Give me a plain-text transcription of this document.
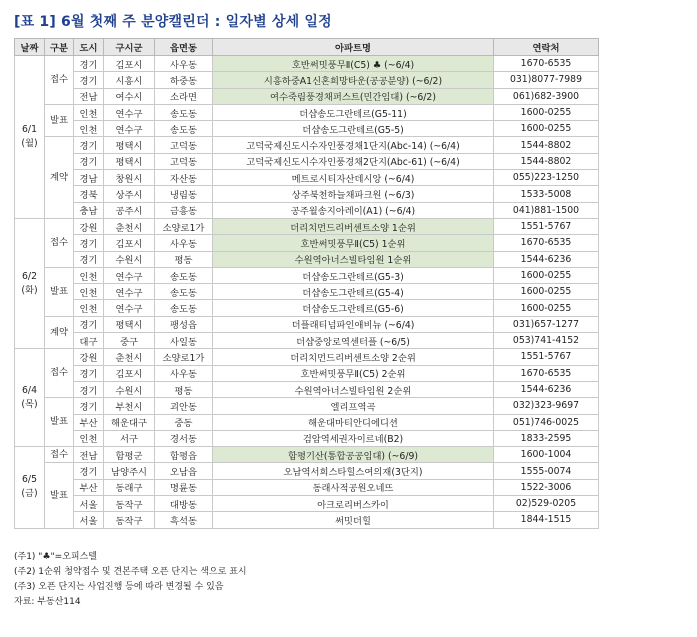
[표 1] 6월 첫째 주 분양캘린더 : 일자별 상세 일정
날짜	구분	도시	구시군	읍면동	아파트명	연락처

6/1
(월)	접수	경기	김포시	사우동	호반써밋풍무Ⅱ(C5) ♣ (~6/4)	1670-6535
		경기	시흥시	하중동	시흥하중A1신혼희망타운(공공분양) (~6/2)	031)8077-7989
		전남	여수시	소라면	여수죽림풍경채퍼스트(민간임대) (~6/2)	061)682-3900
	발표	인천	연수구	송도동	더샵송도그란테르(G5-11)	1600-0255
		인천	연수구	송도동	더샵송도그란테르(G5-5)	1600-0255
	계약	경기	평택시	고덕동	고덕국제신도시수자인풍경채1단지(Abc-14) (~6/4)	1544-8802
		경기	평택시	고덕동	고덕국제신도시수자인풍경채2단지(Abc-61) (~6/4)	1544-8802
		경남	창원시	자산동	메트로시티자산데시앙 (~6/4)	055)223-1250
		경북	상주시	냉림동	상주북천하늘채파크원 (~6/3)	1533-5008
		충남	공주시	금흥동	공주월송지아레이(A1) (~6/4)	041)881-1500

6/2
(화)	접수	강원	춘천시	소양로1가	더리치먼드리버센트소양 1순위	1551-5767
		경기	김포시	사우동	호반써밋풍무Ⅱ(C5) 1순위	1670-6535
		경기	수원시	평동	수원역아너스빌타임원 1순위	1544-6236
	발표	인천	연수구	송도동	더샵송도그란테르(G5-3)	1600-0255
		인천	연수구	송도동	더샵송도그란테르(G5-4)	1600-0255
		인천	연수구	송도동	더샵송도그란테르(G5-6)	1600-0255
	계약	경기	평택시	팽성읍	더플래티넘파인애비뉴 (~6/4)	031)657-1277
		대구	중구	사일동	더샵중앙로역센터플 (~6/5)	053)741-4152

6/4
(목)	접수	강원	춘천시	소양로1가	더리치먼드리버센트소양 2순위	1551-5767
		경기	김포시	사우동	호반써밋풍무Ⅱ(C5) 2순위	1670-6535
		경기	수원시	평동	수원역아너스빌타임원 2순위	1544-6236
	발표	경기	부천시	괴안동	엘리프역곡	032)323-9697
		부산	해운대구	중동	해운대마티안디에디션	051)746-0025
		인천	서구	경서동	검암역세권자이르네(B2)	1833-2595

6/5
(금)	접수	전남	함평군	함평읍	함평기산(통합공공임대) (~6/9)	1600-1004
	발표	경기	남양주시	오남읍	오남역서희스타힐스여의재(3단지)	1555-0074
		부산	동래구	명륜동	동래사적공원오네뜨	1522-3006
		서울	동작구	대방동	아크로리버스카이	02)529-0205
		서울	동작구	흑석동	써밋더힐	1844-1515
(주1) "♣"=오피스텔
(주2) 1순위 청약접수 및 견본주택 오픈 단지는 색으로 표시
(주3) 오픈 단지는 사업진행 등에 따라 변경될 수 있음
자료: 부동산114
